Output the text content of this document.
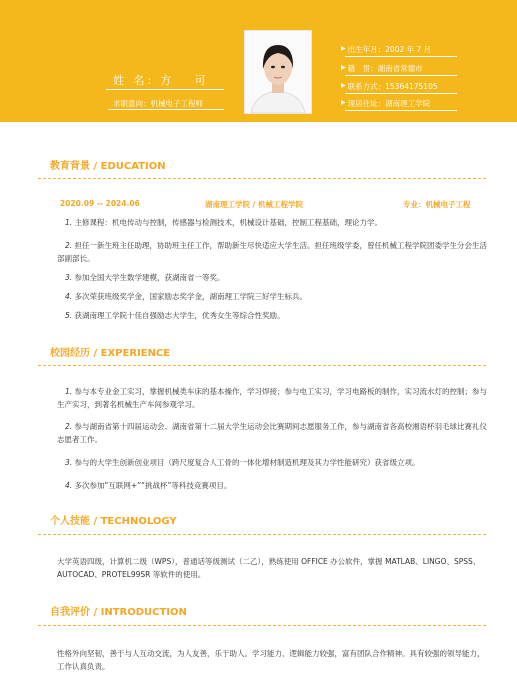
姓 名: 方 可
求职意向：机械电子工程师
▶ 出生年月：2002 年 7 月
▶ 籍　贯：湖南省常德市
▶ 联系方式：15364175105
▶ 现居住址：湖南理工学院
教育背景 / EDUCATION
2020.09 -- 2024.06	湖南理工学院 / 机械工程学院	专业：机械电子工程
1. 主修课程：机电传动与控制，传感器与检测技术，机械设计基础，控制工程基础，理论力学。
2. 担任一新生班主任助理，协助班主任工作，帮助新生尽快适应大学生活。担任班级学委，曾任机械工程学院团委学生分会生活部副部长。
3. 参加全国大学生数学建模，获湖南省一等奖。
4. 多次荣获班级奖学金，国家励志奖学金，湖南理工学院三好学生标兵。
5. 获湖南理工学院十佳自强励志大学生，优秀女生等综合性奖励。
校园经历 / EXPERIENCE
1. 参与本专业金工实习，掌握机械类车床的基本操作，学习焊接；参与电工实习，学习电路板的制作，实习流水灯的控制；参与生产实习，到著名机械生产车间参观学习。
2. 参与湖南省第十四届运动会、湖南省第十二届大学生运动会比赛期间志愿服务工作，参与湖南省各高校湘语杯羽毛球比赛礼仪志愿者工作。
3. 参与的大学生创新创业项目（跨尺度复合人工骨的一体化增材制造机理及其力学性能研究）获省级立项。
4. 多次参加“互联网+”“挑战杯”等科技竞赛项目。
个人技能 / TECHNOLOGY
大学英语四级，计算机二级（WPS），普通话等级测试（二乙），熟练使用 OFFICE 办公软件，掌握 MATLAB、LINGO、SPSS、AUTOCAD、PROTEL99SR 等软件的使用。
自我评价 / INTRODUCTION
性格外向坚韧，善于与人互动交流，为人友善，乐于助人。学习能力、逻辑能力较强，富有团队合作精神。具有较强的领导能力，工作认真负责。
